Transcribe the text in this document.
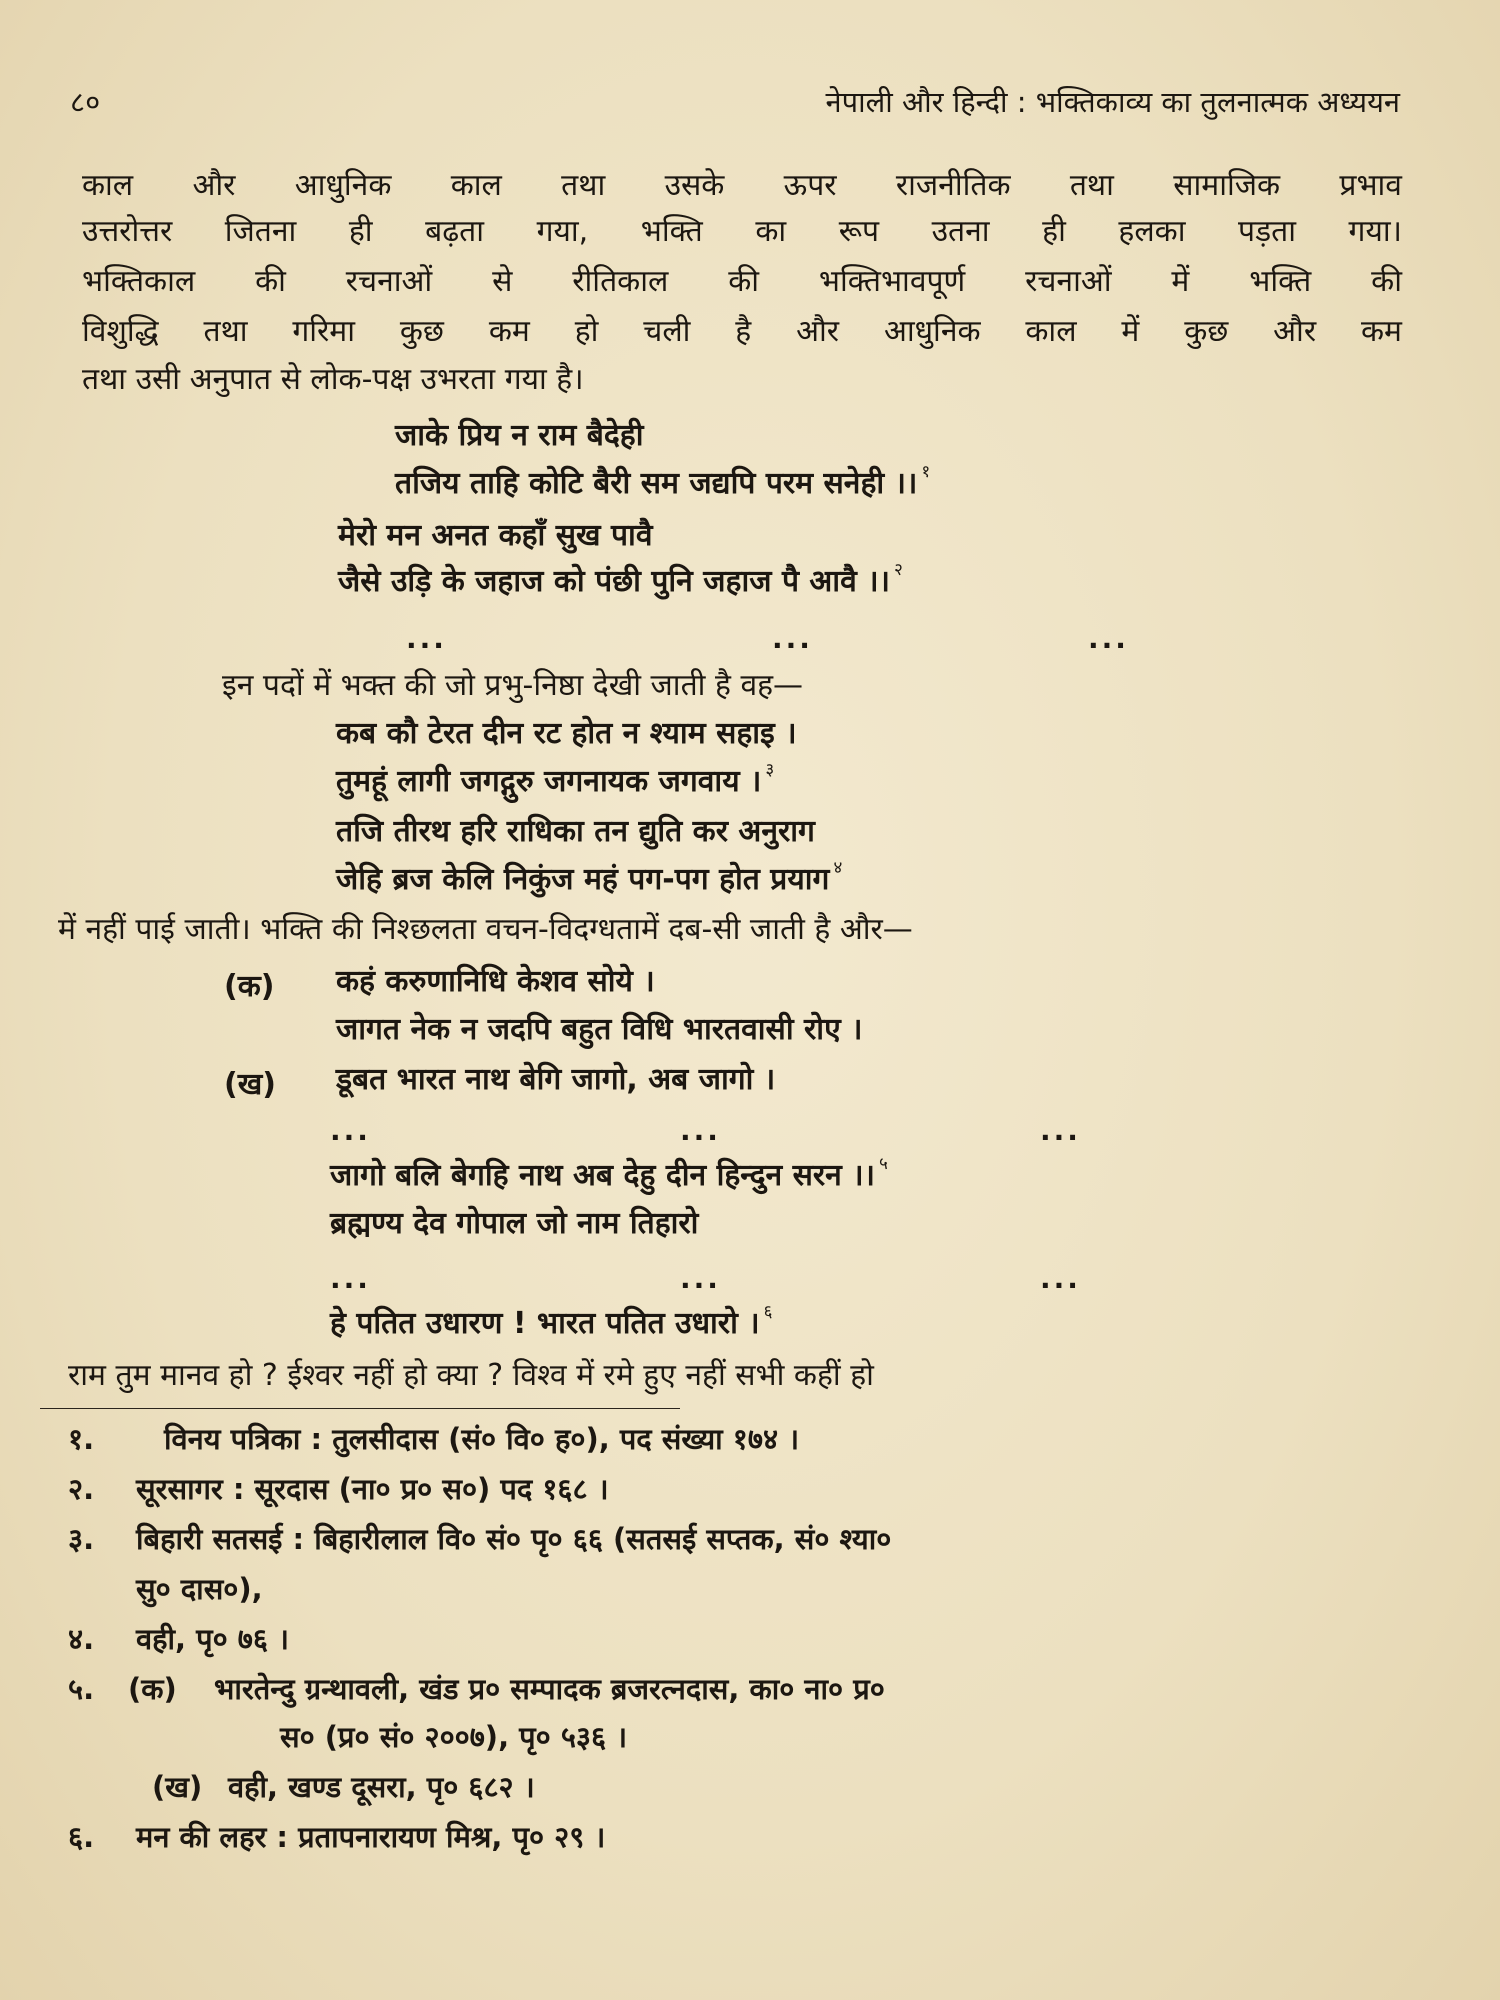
८०	नेपाली और हिन्दी : भक्तिकाव्य का तुलनात्मक अध्ययन
काल और आधुनिक काल तथा उसके ऊपर राजनीतिक तथा सामाजिक प्रभाव
उत्तरोत्तर जितना ही बढ़ता गया, भक्ति का रूप उतना ही हलका पड़ता गया।
भक्तिकाल की रचनाओं से रीतिकाल की भक्तिभावपूर्ण रचनाओं में भक्ति की
विशुद्धि तथा गरिमा कुछ कम हो चली है और आधुनिक काल में कुछ और कम
तथा उसी अनुपात से लोक-पक्ष उभरता गया है।
जाके प्रिय न राम बैदेही
तजिय ताहि कोटि बैरी सम जद्यपि परम सनेही ।। $^१$
मेरो मन अनत कहाँ सुख पावै
जैसे उड़ि के जहाज को पंछी पुनि जहाज पै आवै ।। $^२$
...	...	...
इन पदों में भक्त की जो प्रभु-निष्ठा देखी जाती है वह—
कब कौ टेरत दीन रट होत न श्याम सहाइ ।
तुमहूं लागी जगद्गुरु जगनायक जगवाय । $^३$
तजि तीरथ हरि राधिका तन द्युति कर अनुराग
जेहि ब्रज केलि निकुंज महं पग-पग होत प्रयाग $^४$
में नहीं पाई जाती। भक्ति की निश्छलता वचन-विदग्धतामें दब-सी जाती है और—
(क) कहं करुणानिधि केशव सोये ।
जागत नेक न जदपि बहुत विधि भारतवासी रोए ।
(ख) डूबत भारत नाथ बेगि जागो, अब जागो ।
...	...	...
जागो बलि बेगहि नाथ अब देहु दीन हिन्दुन सरन ।। $^५$
ब्रह्मण्य देव गोपाल जो नाम तिहारो
...	...	...
हे पतित उधारण ! भारत पतित उधारो । $^६$
राम तुम मानव हो ? ईश्वर नहीं हो क्या ? विश्व में रमे हुए नहीं सभी कहीं हो
१. विनय पत्रिका : तुलसीदास (सं० वि० ह०), पद संख्या १७४ ।
२. सूरसागर : सूरदास (ना० प्र० स०) पद १६८ ।
३. बिहारी सतसई : बिहारीलाल वि० सं० पृ० ६६ (सतसई सप्तक, सं० श्या०
सु० दास०),
४. वही, पृ० ७६ ।
५. (क) भारतेन्दु ग्रन्थावली, खंड प्र० सम्पादक ब्रजरत्नदास, का० ना० प्र०
स० (प्र० सं० २००७), पृ० ५३६ ।
(ख) वही, खण्ड दूसरा, पृ० ६८२ ।
६. मन की लहर : प्रतापनारायण मिश्र, पृ० २९ ।
